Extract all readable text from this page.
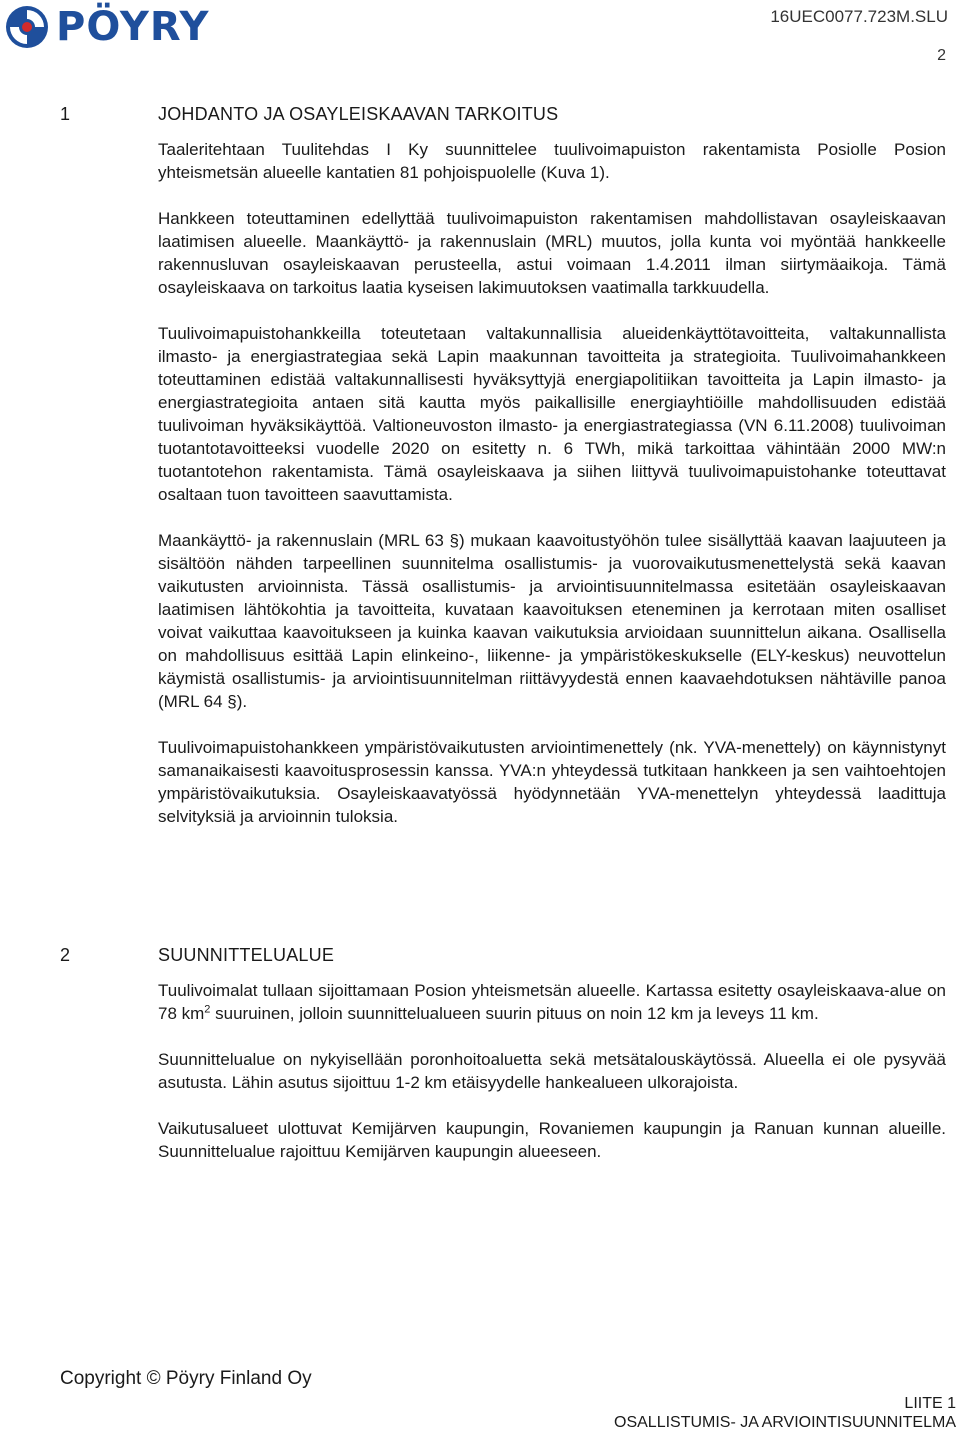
PÖYRY	16UEC0077.723M.SLU
2
1	JOHDANTO JA OSAYLEISKAAVAN TARKOITUS

Taaleritehtaan Tuulitehdas I Ky suunnittelee tuulivoimapuiston rakentamista Posiolle Posion yhteismetsän alueelle kantatien 81 pohjoispuolelle (Kuva 1).

Hankkeen toteuttaminen edellyttää tuulivoimapuiston rakentamisen mahdollistavan osayleiskaavan laatimisen alueelle. Maankäyttö- ja rakennuslain (MRL) muutos, jolla kunta voi myöntää hankkeelle rakennusluvan osayleiskaavan perusteella, astui voimaan 1.4.2011 ilman siirtymäaikoja. Tämä osayleiskaava on tarkoitus laatia kyseisen lakimuutoksen vaatimalla tarkkuudella.

Tuulivoimapuistohankkeilla toteutetaan valtakunnallisia alueidenkäyttötavoitteita, valtakunnallista ilmasto- ja energiastrategiaa sekä Lapin maakunnan tavoitteita ja strategioita. Tuulivoimahankkeen toteuttaminen edistää valtakunnallisesti hyväksyttyjä energiapolitiikan tavoitteita ja Lapin ilmasto- ja energiastrategioita antaen sitä kautta myös paikallisille energiayhtiöille mahdollisuuden edistää tuulivoiman hyväksikäyttöä. Valtioneuvoston ilmasto- ja energiastrategiassa (VN 6.11.2008) tuulivoiman tuotantotavoitteeksi vuodelle 2020 on esitetty n. 6 TWh, mikä tarkoittaa vähintään 2000 MW:n tuotantotehon rakentamista. Tämä osayleiskaava ja siihen liittyvä tuulivoimapuistohanke toteuttavat osaltaan tuon tavoitteen saavuttamista.

Maankäyttö- ja rakennuslain (MRL 63 §) mukaan kaavoitustyöhön tulee sisällyttää kaavan laajuuteen ja sisältöön nähden tarpeellinen suunnitelma osallistumis- ja vuorovaikutusmenettelystä sekä kaavan vaikutusten arvioinnista. Tässä osallistumis- ja arviointisuunnitelmassa esitetään osayleiskaavan laatimisen lähtökohtia ja tavoitteita, kuvataan kaavoituksen eteneminen ja kerrotaan miten osalliset voivat vaikuttaa kaavoitukseen ja kuinka kaavan vaikutuksia arvioidaan suunnittelun aikana. Osallisella on mahdollisuus esittää Lapin elinkeino-, liikenne- ja ympäristökeskukselle (ELY-keskus) neuvottelun käymistä osallistumis- ja arviointisuunnitelman riittävyydestä ennen kaavaehdotuksen nähtäville panoa (MRL 64 §).

Tuulivoimapuistohankkeen ympäristövaikutusten arviointimenettely (nk. YVA-menettely) on käynnistynyt samanaikaisesti kaavoitusprosessin kanssa. YVA:n yhteydessä tutkitaan hankkeen ja sen vaihtoehtojen ympäristövaikutuksia. Osayleiskaavatyössä hyödynnetään YVA-menettelyn yhteydessä laadittuja selvityksiä ja arvioinnin tuloksia.

2	SUUNNITTELUALUE

Tuulivoimalat tullaan sijoittamaan Posion yhteismetsän alueelle. Kartassa esitetty osayleiskaava-alue on 78 $km^2$ suuruinen, jolloin suunnittelualueen suurin pituus on noin 12 km ja leveys 11 km.

Suunnittelualue on nykyisellään poronhoitoaluetta sekä metsätalouskäytössä. Alueella ei ole pysyvää asutusta. Lähin asutus sijoittuu 1-2 km etäisyydelle hankealueen ulkorajoista.

Vaikutusalueet ulottuvat Kemijärven kaupungin, Rovaniemen kaupungin ja Ranuan kunnan alueille. Suunnittelualue rajoittuu Kemijärven kaupungin alueeseen.

Copyright © Pöyry Finland Oy
LIITE 1
OSALLISTUMIS- JA ARVIOINTISUUNNITELMA
